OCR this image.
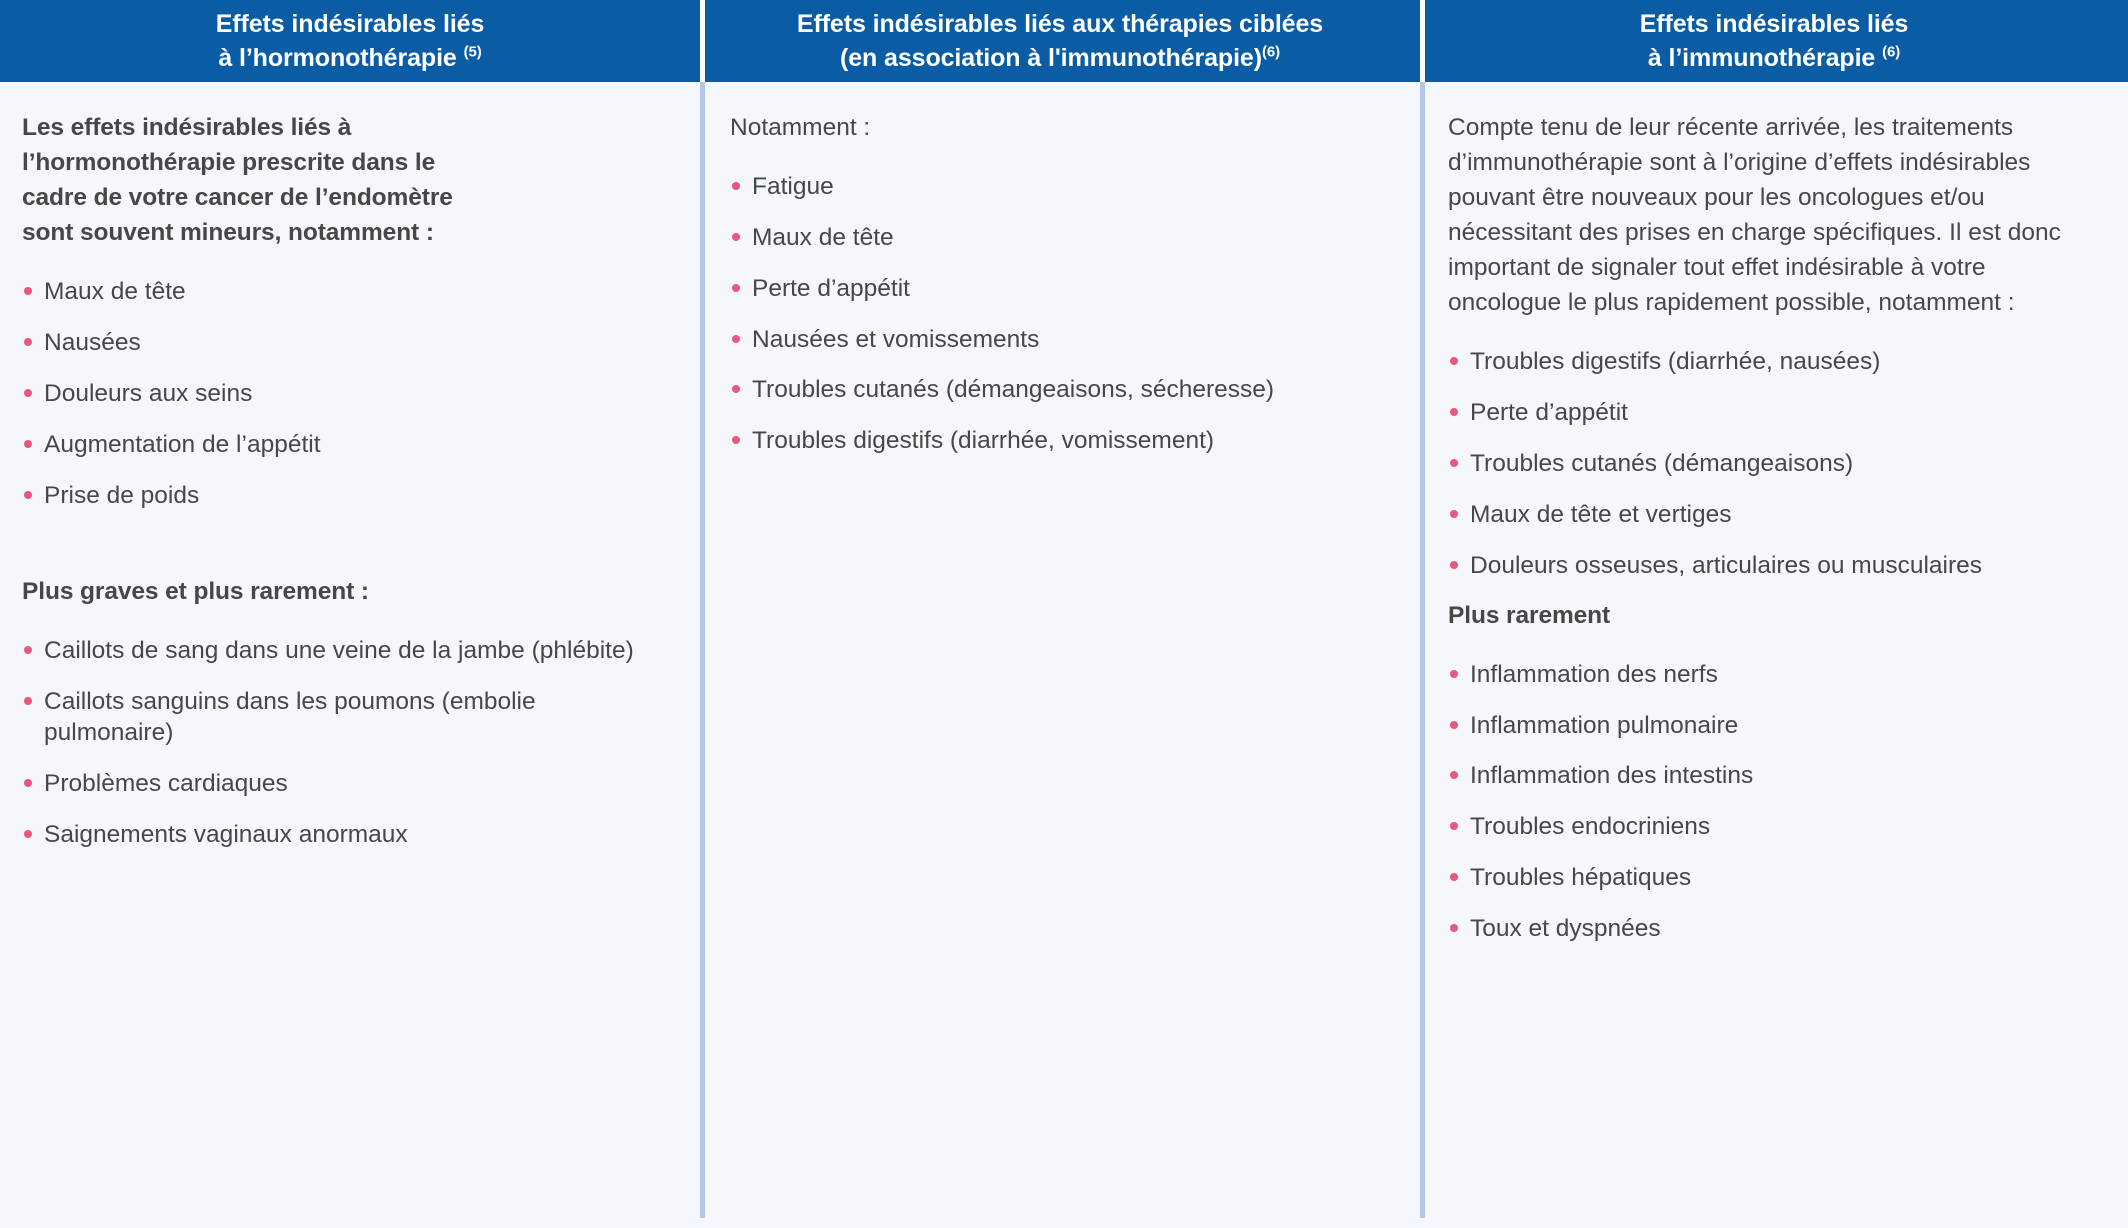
Effets indésirables liés
à l’hormonothérapie $^{(5)}$

Les effets indésirables liés à l’hormonothérapie prescrite dans le cadre de votre cancer de l’endomètre sont souvent mineurs, notamment :

Maux de tête
Nausées
Douleurs aux seins
Augmentation de l’appétit
Prise de poids

Plus graves et plus rarement :

Caillots de sang dans une veine de la jambe (phlébite)
Caillots sanguins dans les poumons (embolie pulmonaire)
Problèmes cardiaques
Saignements vaginaux anormaux
Effets indésirables liés aux thérapies ciblées
(en association à l'immunothérapie)$^{(6)}$

Notamment :

Fatigue
Maux de tête
Perte d’appétit
Nausées et vomissements
Troubles cutanés (démangeaisons, sécheresse)
Troubles digestifs (diarrhée, vomissement)
Effets indésirables liés
à l’immunothérapie $^{(6)}$

Compte tenu de leur récente arrivée, les traitements d’immunothérapie sont à l’origine d’effets indésirables pouvant être nouveaux pour les oncologues et/ou nécessitant des prises en charge spécifiques. Il est donc important de signaler tout effet indésirable à votre oncologue le plus rapidement possible, notamment :

Troubles digestifs (diarrhée, nausées)
Perte d’appétit
Troubles cutanés (démangeaisons)
Maux de tête et vertiges
Douleurs osseuses, articulaires ou musculaires

Plus rarement

Inflammation des nerfs
Inflammation pulmonaire
Inflammation des intestins
Troubles endocriniens
Troubles hépatiques
Toux et dyspnées
